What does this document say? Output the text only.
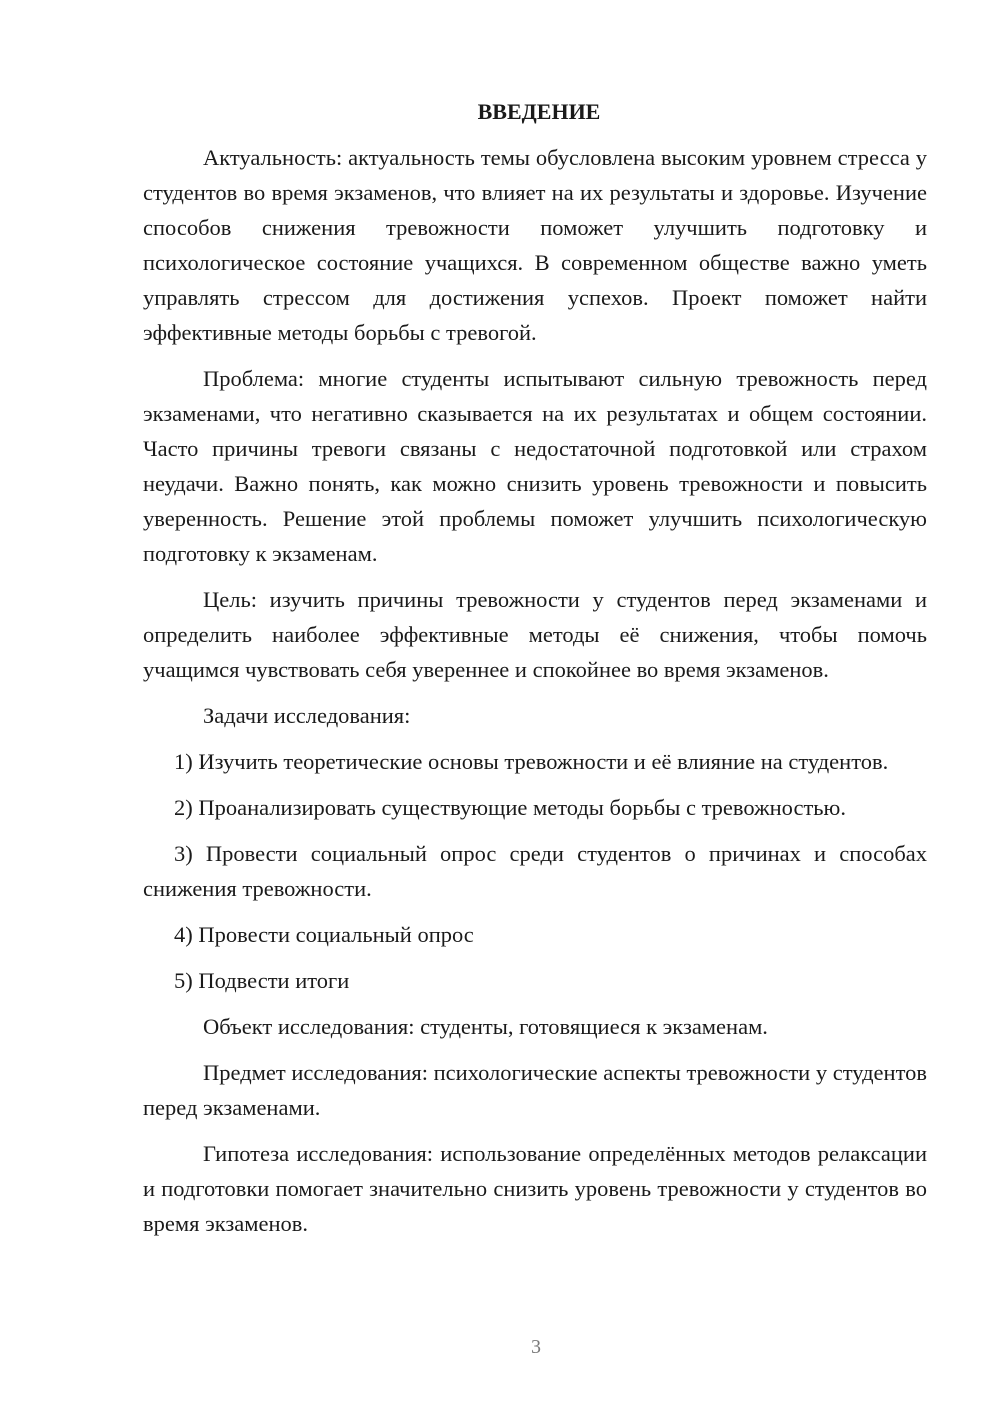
ВВЕДЕНИЕ

Актуальность: актуальность темы обусловлена высоким уровнем стресса у студентов во время экзаменов, что влияет на их результаты и здоровье. Изучение способов снижения тревожности поможет улучшить подготовку и психологическое состояние учащихся. В современном обществе важно уметь управлять стрессом для достижения успехов. Проект поможет найти эффективные методы борьбы с тревогой.

Проблема: многие студенты испытывают сильную тревожность перед экзаменами, что негативно сказывается на их результатах и общем состоянии. Часто причины тревоги связаны с недостаточной подготовкой или страхом неудачи. Важно понять, как можно снизить уровень тревожности и повысить уверенность. Решение этой проблемы поможет улучшить психологическую подготовку к экзаменам.

Цель: изучить причины тревожности у студентов перед экзаменами и определить наиболее эффективные методы её снижения, чтобы помочь учащимся чувствовать себя увереннее и спокойнее во время экзаменов.

Задачи исследования:

1) Изучить теоретические основы тревожности и её влияние на студентов.

2) Проанализировать существующие методы борьбы с тревожностью.

3) Провести социальный опрос среди студентов о причинах и способах снижения тревожности.

4) Провести социальный опрос

5) Подвести итоги

Объект исследования: студенты, готовящиеся к экзаменам.

Предмет исследования: психологические аспекты тревожности у студентов перед экзаменами.

Гипотеза исследования: использование определённых методов релаксации и подготовки помогает значительно снизить уровень тревожности у студентов во время экзаменов.

3
